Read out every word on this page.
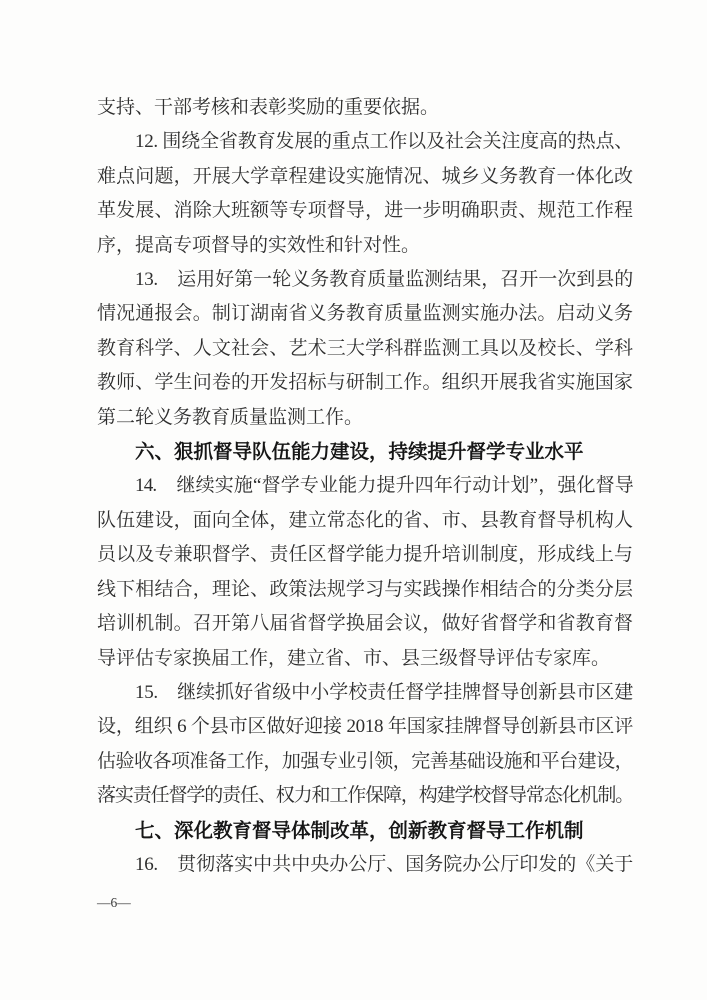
支持、干部考核和表彰奖励的重要依据。

12. 围绕全省教育发展的重点工作以及社会关注度高的热点、

难点问题，开展大学章程建设实施情况、城乡义务教育一体化改

革发展、消除大班额等专项督导，进一步明确职责、规范工作程

序，提高专项督导的实效性和针对性。

13.　运用好第一轮义务教育质量监测结果，召开一次到县的

情况通报会。制订湖南省义务教育质量监测实施办法。启动义务

教育科学、人文社会、艺术三大学科群监测工具以及校长、学科

教师、学生问卷的开发招标与研制工作。组织开展我省实施国家

第二轮义务教育质量监测工作。

六、狠抓督导队伍能力建设，持续提升督学专业水平

14.　继续实施“督学专业能力提升四年行动计划”，强化督导

队伍建设，面向全体，建立常态化的省、市、县教育督导机构人

员以及专兼职督学、责任区督学能力提升培训制度，形成线上与

线下相结合，理论、政策法规学习与实践操作相结合的分类分层

培训机制。召开第八届省督学换届会议，做好省督学和省教育督

导评估专家换届工作，建立省、市、县三级督导评估专家库。

15.　继续抓好省级中小学校责任督学挂牌督导创新县市区建

设，组织 6 个县市区做好迎接 2018 年国家挂牌督导创新县市区评

估验收各项准备工作，加强专业引领，完善基础设施和平台建设，

落实责任督学的责任、权力和工作保障，构建学校督导常态化机制。

七、深化教育督导体制改革，创新教育督导工作机制

16.　贯彻落实中共中央办公厅、国务院办公厅印发的《关于

—6—
